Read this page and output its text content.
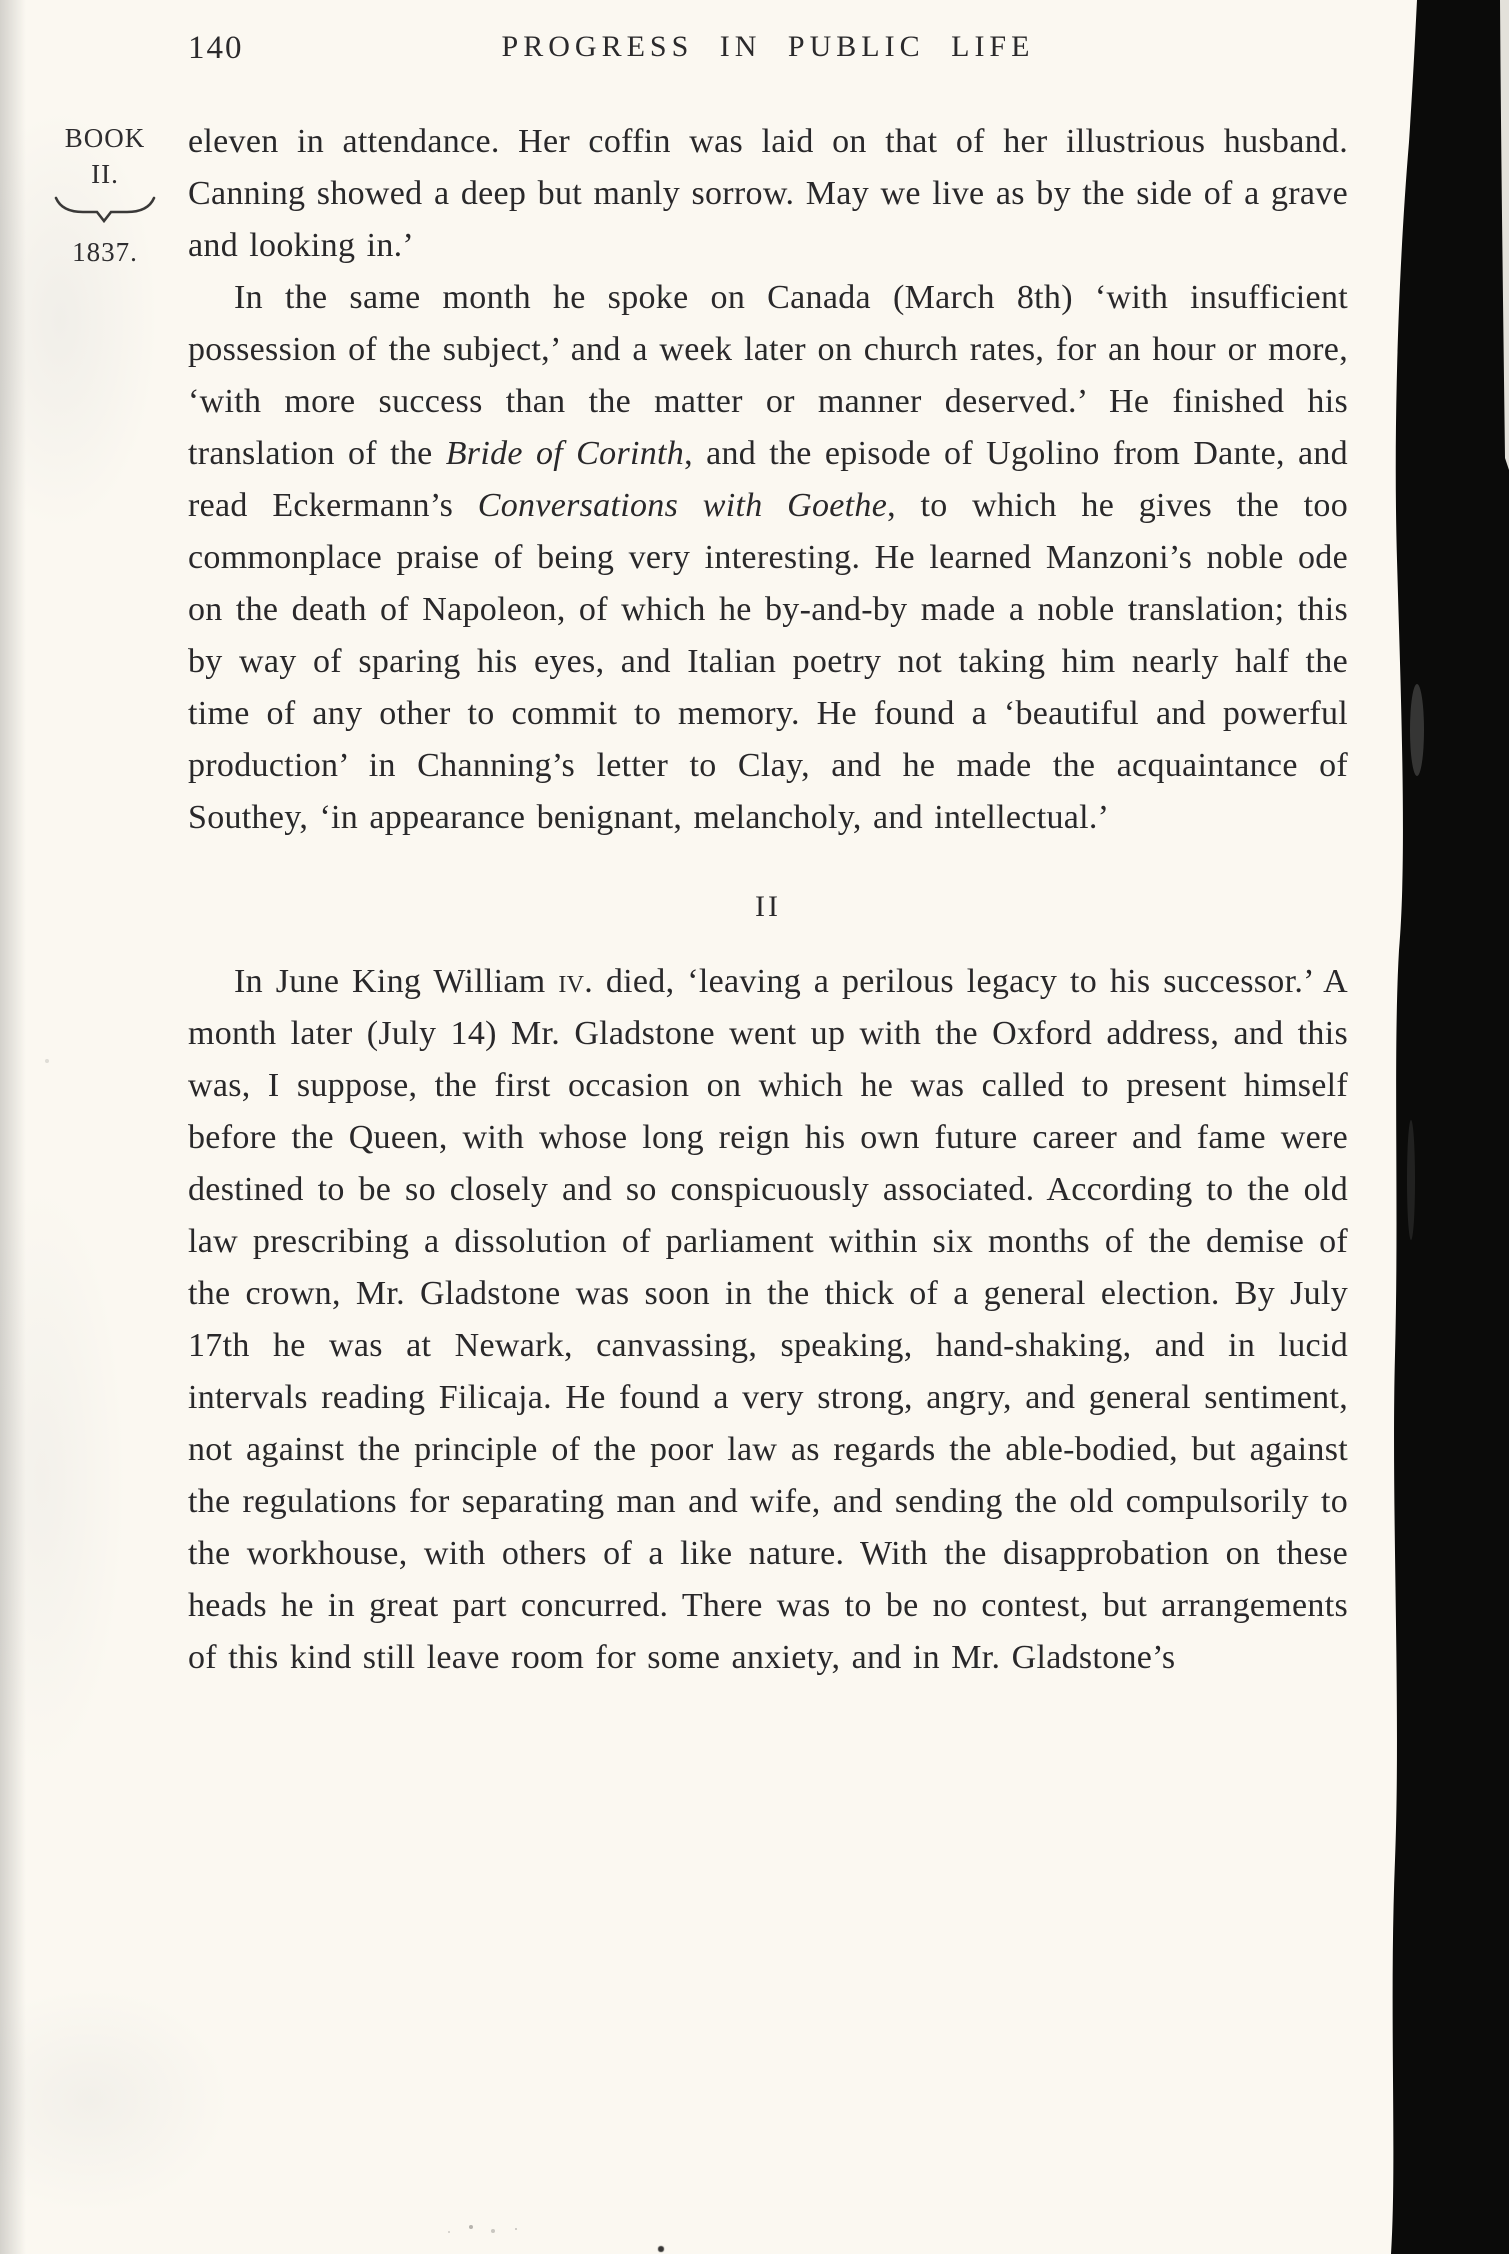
140	PROGRESS IN PUBLIC LIFE
BOOK
II.
1837.

eleven in attendance. Her coffin was laid on that of her illustrious husband. Canning showed a deep but manly sorrow. May we live as by the side of a grave and looking in.’

In the same month he spoke on Canada (March 8th) ‘with insufficient possession of the subject,’ and a week later on church rates, for an hour or more, ‘with more success than the matter or manner deserved.’ He finished his translation of the Bride of Corinth, and the episode of Ugolino from Dante, and read Eckermann’s Conversations with Goethe, to which he gives the too commonplace praise of being very interesting. He learned Manzoni’s noble ode on the death of Napoleon, of which he by-and-by made a noble translation; this by way of sparing his eyes, and Italian poetry not taking him nearly half the time of any other to commit to memory. He found a ‘beautiful and powerful production’ in Channing’s letter to Clay, and he made the acquaintance of Southey, ‘in appearance benignant, melancholy, and intellectual.’

II

In June King William iv. died, ‘leaving a perilous legacy to his successor.’ A month later (July 14) Mr. Gladstone went up with the Oxford address, and this was, I suppose, the first occasion on which he was called to present himself before the Queen, with whose long reign his own future career and fame were destined to be so closely and so conspicuously associated. According to the old law prescribing a dissolution of parliament within six months of the demise of the crown, Mr. Gladstone was soon in the thick of a general election. By July 17th he was at Newark, canvassing, speaking, hand-shaking, and in lucid intervals reading Filicaja. He found a very strong, angry, and general sentiment, not against the principle of the poor law as regards the able-bodied, but against the regulations for separating man and wife, and sending the old compulsorily to the workhouse, with others of a like nature. With the disapprobation on these heads he in great part concurred. There was to be no contest, but arrangements of this kind still leave room for some anxiety, and in Mr. Gladstone’s
